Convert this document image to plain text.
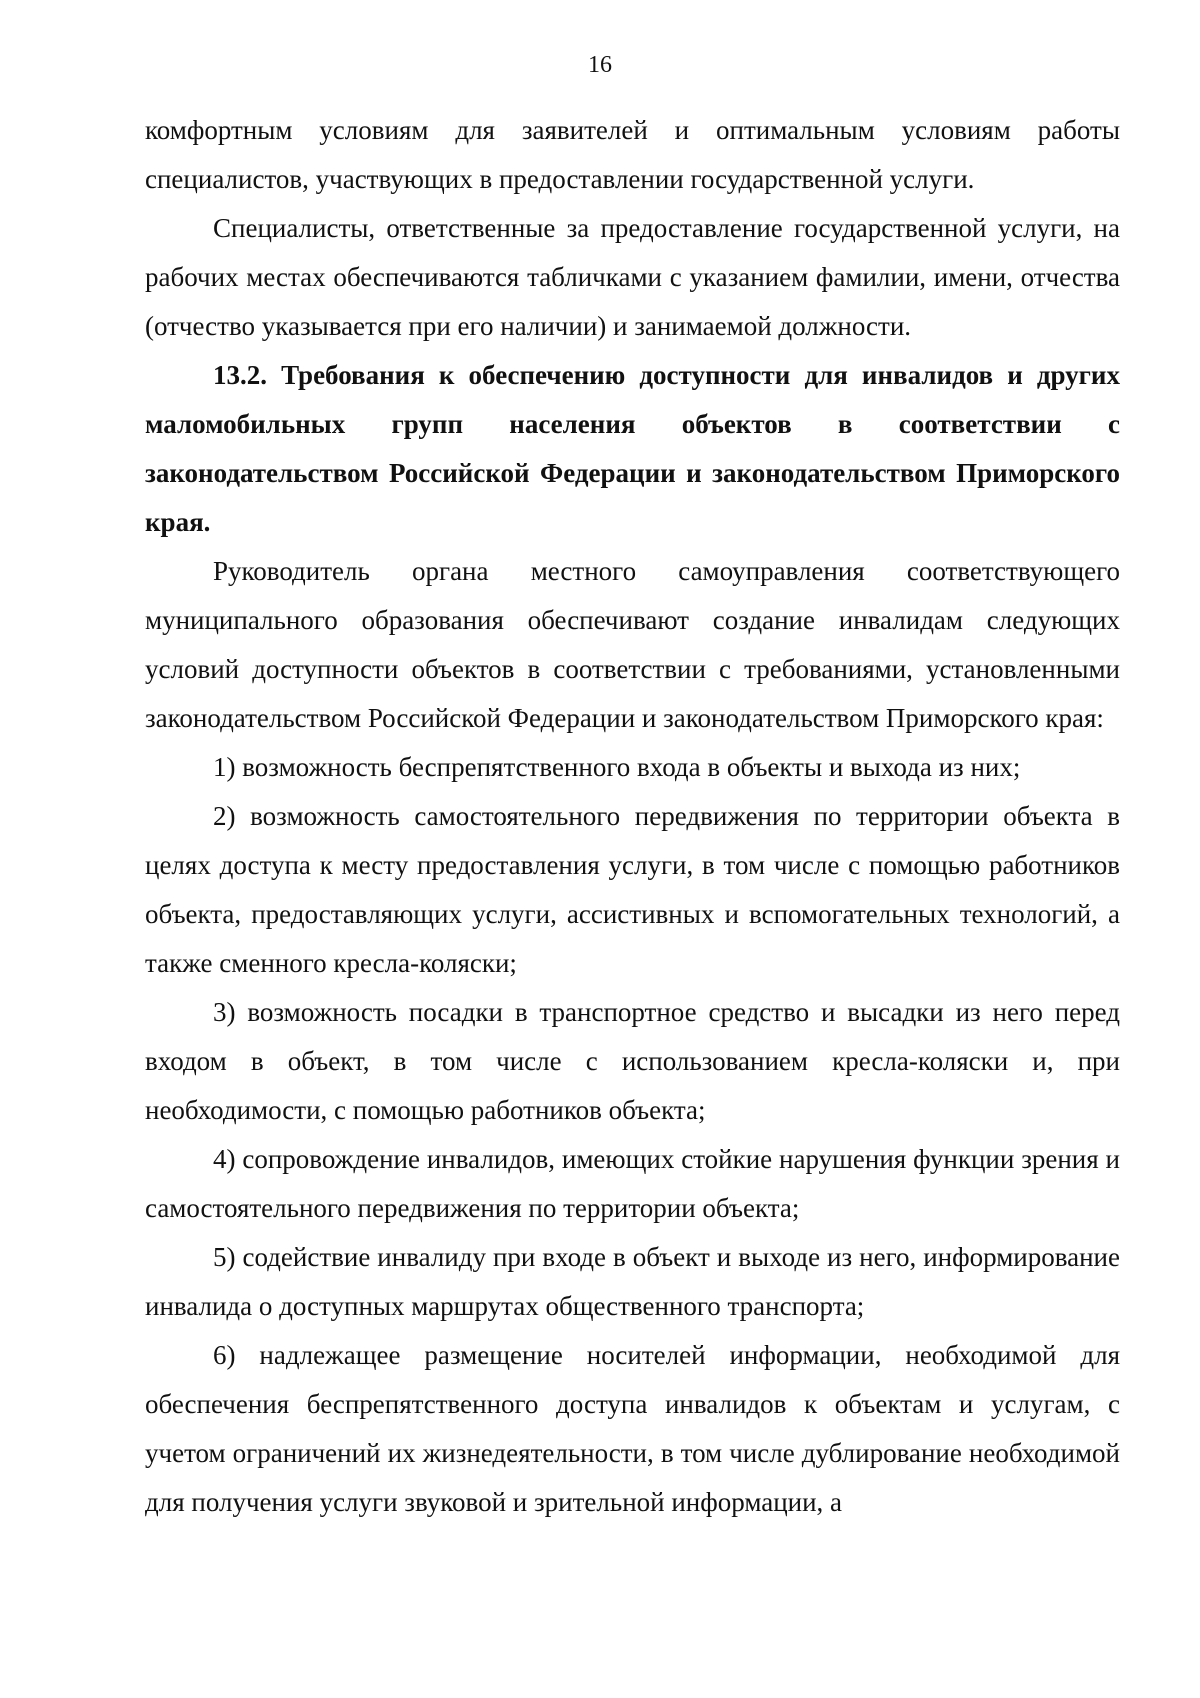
16

комфортным условиям для заявителей и оптимальным условиям работы специалистов, участвующих в предоставлении государственной услуги.

Специалисты, ответственные за предоставление государственной услуги, на рабочих местах обеспечиваются табличками с указанием фамилии, имени, отчества (отчество указывается при его наличии) и занимаемой должности.

13.2. Требования к обеспечению доступности для инвалидов и других маломобильных групп населения объектов в соответствии с законодательством Российской Федерации и законодательством Приморского края.

Руководитель органа местного самоуправления соответствующего муниципального образования обеспечивают создание инвалидам следующих условий доступности объектов в соответствии с требованиями, установленными законодательством Российской Федерации и законодательством Приморского края:

1) возможность беспрепятственного входа в объекты и выхода из них;

2) возможность самостоятельного передвижения по территории объекта в целях доступа к месту предоставления услуги, в том числе с помощью работников объекта, предоставляющих услуги, ассистивных и вспомогательных технологий, а также сменного кресла-коляски;

3) возможность посадки в транспортное средство и высадки из него перед входом в объект, в том числе с использованием кресла-коляски и, при необходимости, с помощью работников объекта;

4) сопровождение инвалидов, имеющих стойкие нарушения функции зрения и самостоятельного передвижения по территории объекта;

5) содействие инвалиду при входе в объект и выходе из него, информирование инвалида о доступных маршрутах общественного транспорта;

6) надлежащее размещение носителей информации, необходимой для обеспечения беспрепятственного доступа инвалидов к объектам и услугам, с учетом ограничений их жизнедеятельности, в том числе дублирование необходимой для получения услуги звуковой и зрительной информации, а
